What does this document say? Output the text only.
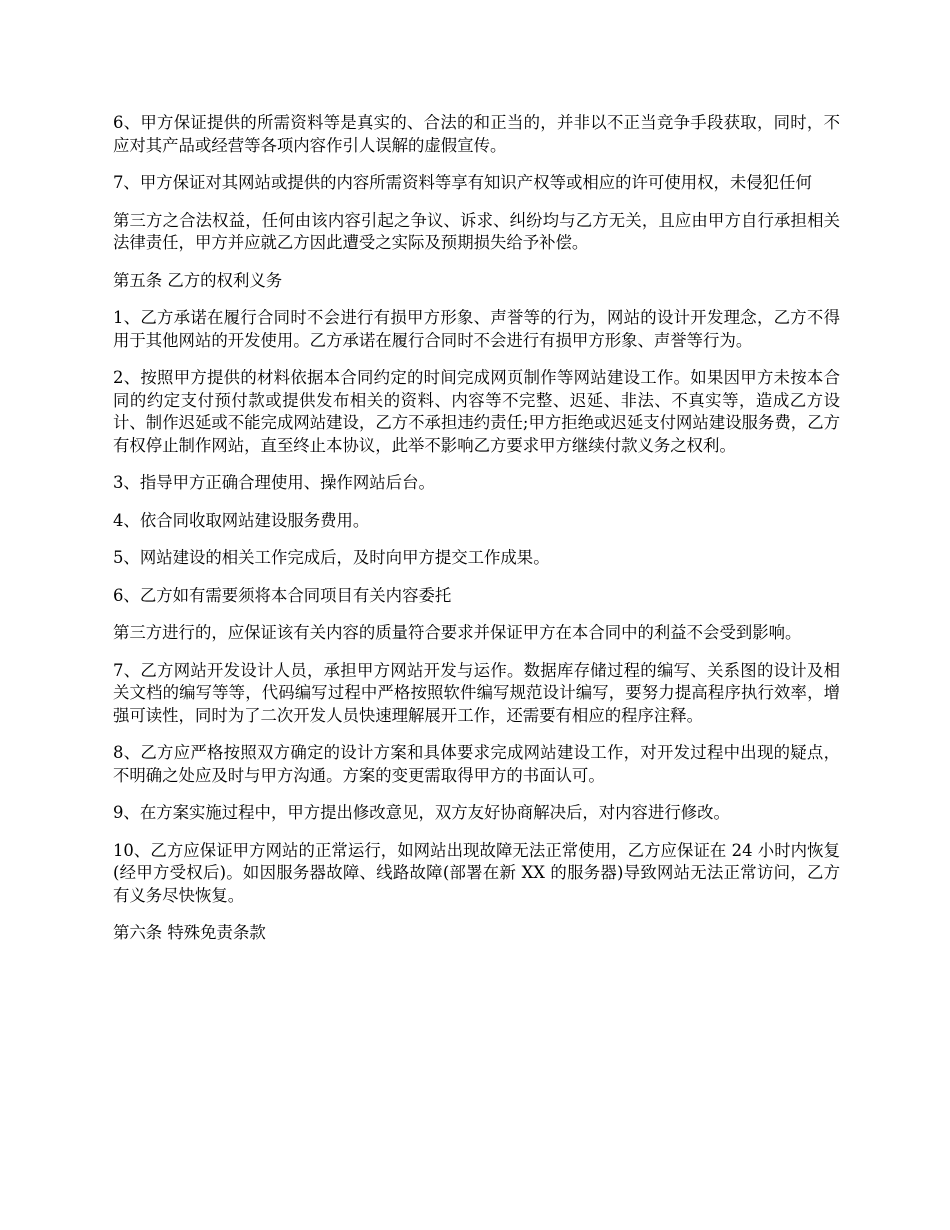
6、甲方保证提供的所需资料等是真实的、合法的和正当的，并非以不正当竞争手段获取，同时，不应对其产品或经营等各项内容作引人误解的虚假宣传。

7、甲方保证对其网站或提供的内容所需资料等享有知识产权等或相应的许可使用权，未侵犯任何

第三方之合法权益，任何由该内容引起之争议、诉求、纠纷均与乙方无关，且应由甲方自行承担相关法律责任，甲方并应就乙方因此遭受之实际及预期损失给予补偿。

第五条 乙方的权利义务

1、乙方承诺在履行合同时不会进行有损甲方形象、声誉等的行为，网站的设计开发理念，乙方不得用于其他网站的开发使用。乙方承诺在履行合同时不会进行有损甲方形象、声誉等行为。

2、按照甲方提供的材料依据本合同约定的时间完成网页制作等网站建设工作。如果因甲方未按本合同的约定支付预付款或提供发布相关的资料、内容等不完整、迟延、非法、不真实等，造成乙方设计、制作迟延或不能完成网站建设，乙方不承担违约责任;甲方拒绝或迟延支付网站建设服务费，乙方有权停止制作网站，直至终止本协议，此举不影响乙方要求甲方继续付款义务之权利。

3、指导甲方正确合理使用、操作网站后台。

4、依合同收取网站建设服务费用。

5、网站建设的相关工作完成后，及时向甲方提交工作成果。

6、乙方如有需要须将本合同项目有关内容委托

第三方进行的，应保证该有关内容的质量符合要求并保证甲方在本合同中的利益不会受到影响。

7、乙方网站开发设计人员，承担甲方网站开发与运作。数据库存储过程的编写、关系图的设计及相关文档的编写等等，代码编写过程中严格按照软件编写规范设计编写，要努力提高程序执行效率，增强可读性，同时为了二次开发人员快速理解展开工作，还需要有相应的程序注释。

8、乙方应严格按照双方确定的设计方案和具体要求完成网站建设工作，对开发过程中出现的疑点，不明确之处应及时与甲方沟通。方案的变更需取得甲方的书面认可。

9、在方案实施过程中，甲方提出修改意见，双方友好协商解决后，对内容进行修改。

10、乙方应保证甲方网站的正常运行，如网站出现故障无法正常使用，乙方应保证在 24 小时内恢复(经甲方受权后)。如因服务器故障、线路故障(部署在新 XX 的服务器)导致网站无法正常访问，乙方有义务尽快恢复。

第六条 特殊免责条款
